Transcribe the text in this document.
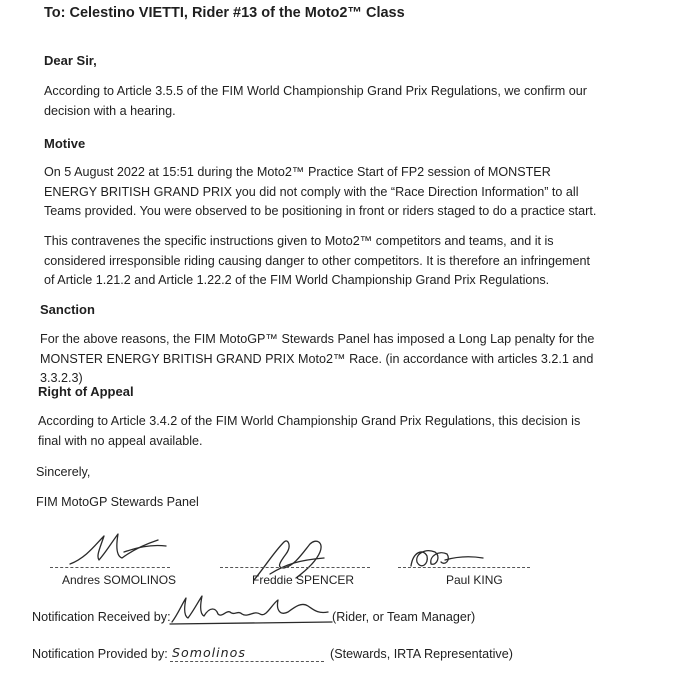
To: Celestino VIETTI, Rider #13 of the Moto2™ Class
Dear Sir,
According to Article 3.5.5 of the FIM World Championship Grand Prix Regulations, we confirm our decision with a hearing.
Motive
On 5 August 2022 at 15:51 during the Moto2™ Practice Start of FP2 session of MONSTER ENERGY BRITISH GRAND PRIX you did not comply with the “Race Direction Information” to all Teams provided. You were observed to be positioning in front or riders staged to do a practice start.
This contravenes the specific instructions given to Moto2™ competitors and teams, and it is considered irresponsible riding causing danger to other competitors. It is therefore an infringement of Article 1.21.2 and Article 1.22.2 of the FIM World Championship Grand Prix Regulations.
Sanction
For the above reasons, the FIM MotoGP™ Stewards Panel has imposed a Long Lap penalty for the MONSTER ENERGY BRITISH GRAND PRIX Moto2™ Race. (in accordance with articles 3.2.1 and 3.3.2.3)
Right of Appeal
According to Article 3.4.2 of the FIM World Championship Grand Prix Regulations, this decision is final with no appeal available.
Sincerely,
FIM MotoGP Stewards Panel
Andres SOMOLINOS	Freddie SPENCER	Paul KING
Notification Received by:	(Rider, or Team Manager)
Notification Provided by: Somolinos	(Stewards, IRTA Representative)
